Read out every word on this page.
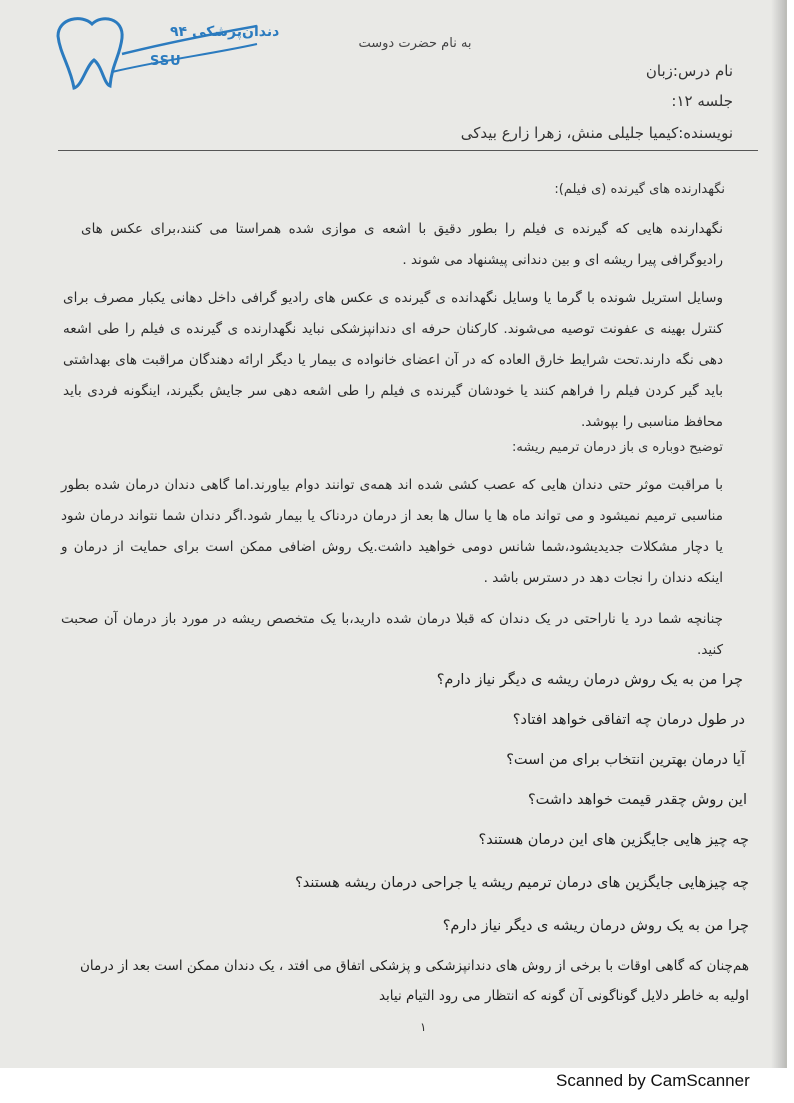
دندان‌پزشکی ۹۴
SSU
به نام حضرت دوست
نام درس:زبان
جلسه ۱۲:
نویسنده:کیمیا جلیلی منش، زهرا زارع بیدکی
نگهدارنده های گیرنده (ی فیلم):
نگهدارنده هایی که گیرنده ی فیلم را بطور دقیق با اشعه ی موازی شده همراستا می کنند،برای عکس های رادیوگرافی پیرا ریشه ای و بین دندانی پیشنهاد می شوند .
وسایل استریل شونده با گرما یا وسایل نگهدانده ی گیرنده ی عکس های رادیو گرافی داخل دهانی یکبار مصرف برای کنترل بهینه ی عفونت توصیه می‌شوند. کارکنان حرفه ای دندانپزشکی نباید نگهدارنده ی گیرنده ی فیلم را طی اشعه دهی نگه دارند.تحت شرایط خارق العاده که در آن اعضای خانواده ی بیمار یا دیگر ارائه دهندگان مراقبت های بهداشتی باید گیر کردن فیلم را فراهم کنند یا خودشان گیرنده ی فیلم را طی اشعه دهی سر جایش بگیرند، اینگونه فردی باید محافظ مناسبی را بپوشد.
توضیح دوباره ی باز درمان ترمیم ریشه:
با مراقبت موثر حتی دندان هایی که عصب کشی شده اند همه‌ی توانند دوام بیاورند.اما گاهی دندان درمان شده بطور مناسبی ترمیم نمیشود و می تواند ماه ها یا سال ها بعد از درمان دردناک یا بیمار شود.اگر دندان شما نتواند درمان شود یا دچار مشکلات جدیدیشود،شما شانس دومی خواهید داشت.یک روش اضافی ممکن است برای حمایت از درمان و اینکه دندان را نجات دهد در دسترس باشد .
چنانچه شما درد یا ناراحتی در یک دندان که قبلا درمان شده دارید،با یک متخصص ریشه در مورد باز درمان آن صحبت کنید.
چرا من به یک روش درمان ریشه ی دیگر نیاز دارم؟
در طول درمان چه اتفاقی خواهد افتاد؟
آیا درمان بهترین انتخاب برای من است؟
این روش چقدر قیمت خواهد داشت؟
چه چیز هایی جایگزین های این درمان هستند؟
چه چیزهایی جایگزین های درمان ترمیم ریشه یا جراحی درمان ریشه هستند؟
چرا من به یک روش درمان ریشه ی دیگر نیاز دارم؟
هم‌چنان که گاهی اوقات با برخی از روش های دندانپزشکی و پزشکی اتفاق می افتد ، یک دندان ممکن است بعد از درمان
اولیه به خاطر دلایل گوناگونی آن گونه که انتظار می رود التیام نیابد
۱
Scanned by CamScanner
